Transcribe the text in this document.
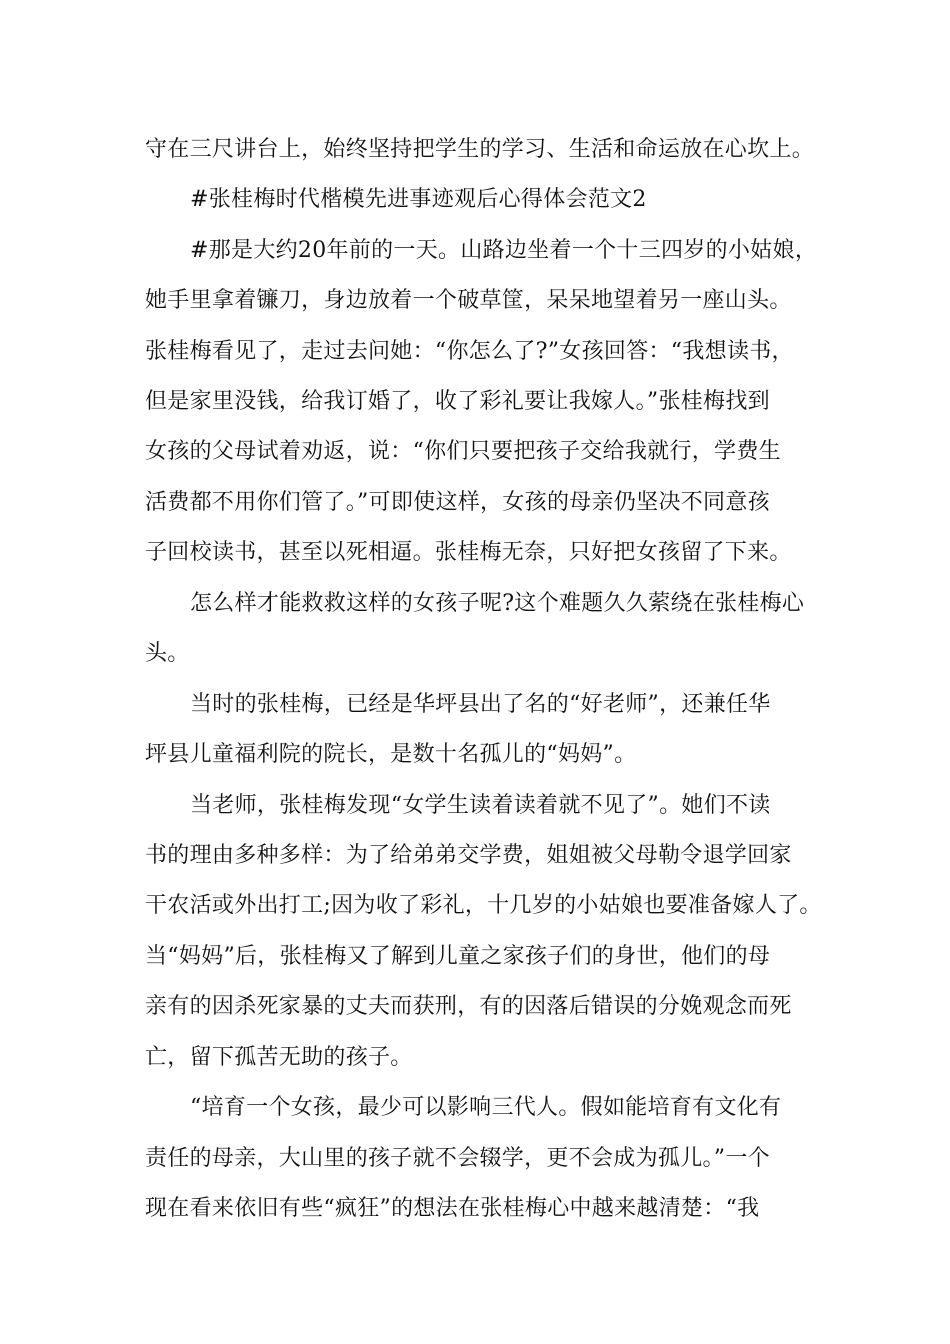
守在三尺讲台上，始终坚持把学生的学习、生活和命运放在心坎上。
#张桂梅时代楷模先进事迹观后心得体会范文2
#那是大约20年前的一天。山路边坐着一个十三四岁的小姑娘，
她手里拿着镰刀，身边放着一个破草筐，呆呆地望着另一座山头。
张桂梅看见了，走过去问她：“你怎么了?”女孩回答：“我想读书，
但是家里没钱，给我订婚了，收了彩礼要让我嫁人。”张桂梅找到
女孩的父母试着劝返，说：“你们只要把孩子交给我就行，学费生
活费都不用你们管了。”可即使这样，女孩的母亲仍坚决不同意孩
子回校读书，甚至以死相逼。张桂梅无奈，只好把女孩留了下来。
怎么样才能救救这样的女孩子呢?这个难题久久萦绕在张桂梅心
头。
当时的张桂梅，已经是华坪县出了名的“好老师”，还兼任华
坪县儿童福利院的院长，是数十名孤儿的“妈妈”。
当老师，张桂梅发现“女学生读着读着就不见了”。她们不读
书的理由多种多样：为了给弟弟交学费，姐姐被父母勒令退学回家
干农活或外出打工;因为收了彩礼，十几岁的小姑娘也要准备嫁人了。
当“妈妈”后，张桂梅又了解到儿童之家孩子们的身世，他们的母
亲有的因杀死家暴的丈夫而获刑，有的因落后错误的分娩观念而死
亡，留下孤苦无助的孩子。
“培育一个女孩，最少可以影响三代人。假如能培育有文化有
责任的母亲，大山里的孩子就不会辍学，更不会成为孤儿。”一个
现在看来依旧有些“疯狂”的想法在张桂梅心中越来越清楚：“我
